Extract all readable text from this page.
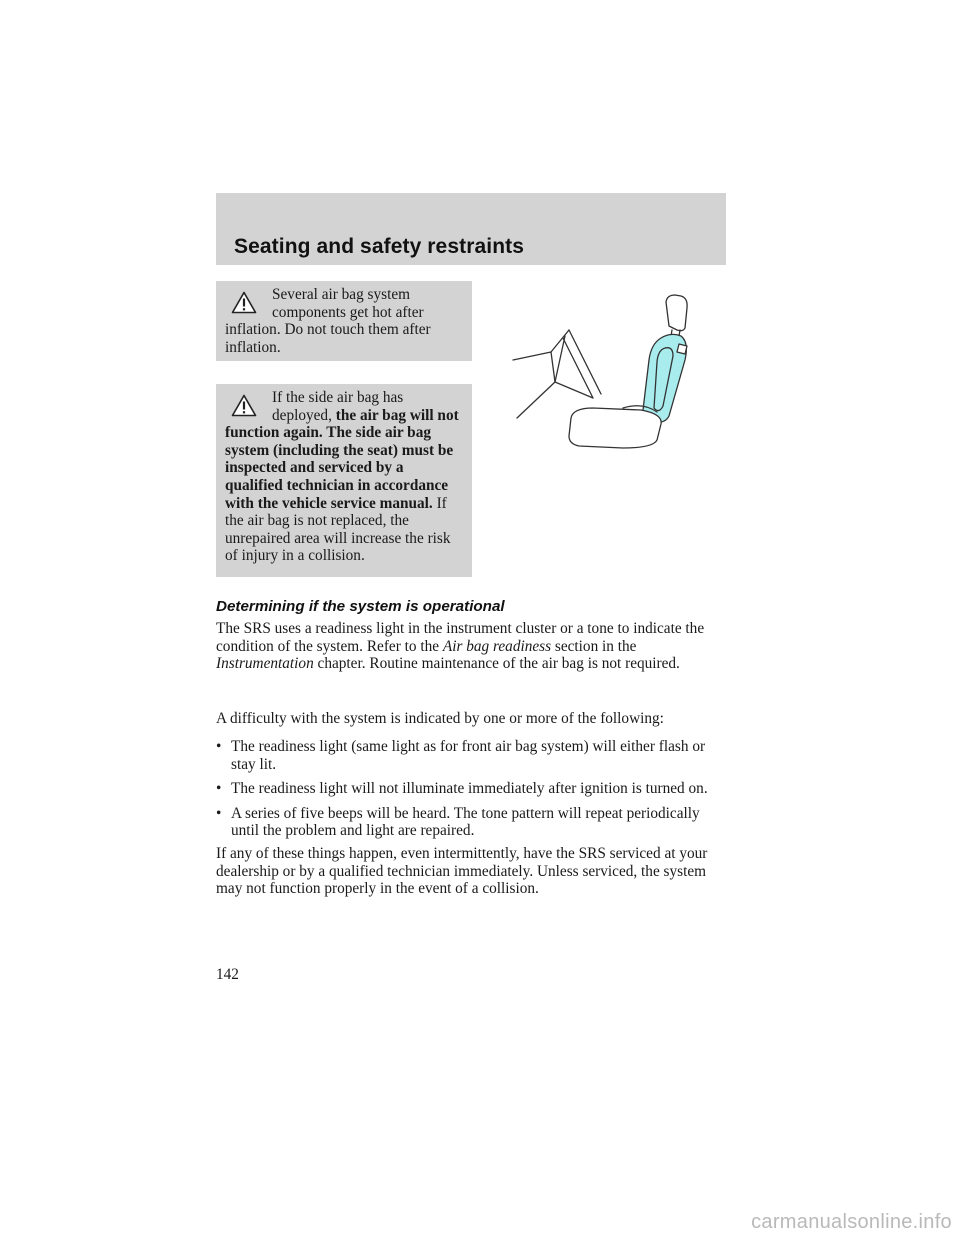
Seating and safety restraints

Several air bag system components get hot after inflation. Do not touch them after inflation.

If the side air bag has deployed, the air bag will not function again. The side air bag system (including the seat) must be inspected and serviced by a qualified technician in accordance with the vehicle service manual. If the air bag is not replaced, the unrepaired area will increase the risk of injury in a collision.

Determining if the system is operational

The SRS uses a readiness light in the instrument cluster or a tone to indicate the condition of the system. Refer to the Air bag readiness section in the Instrumentation chapter. Routine maintenance of the air bag is not required.

A difficulty with the system is indicated by one or more of the following:

• The readiness light (same light as for front air bag system) will either flash or stay lit.
• The readiness light will not illuminate immediately after ignition is turned on.
• A series of five beeps will be heard. The tone pattern will repeat periodically until the problem and light are repaired.

If any of these things happen, even intermittently, have the SRS serviced at your dealership or by a qualified technician immediately. Unless serviced, the system may not function properly in the event of a collision.

142
carmanualsonline.info
